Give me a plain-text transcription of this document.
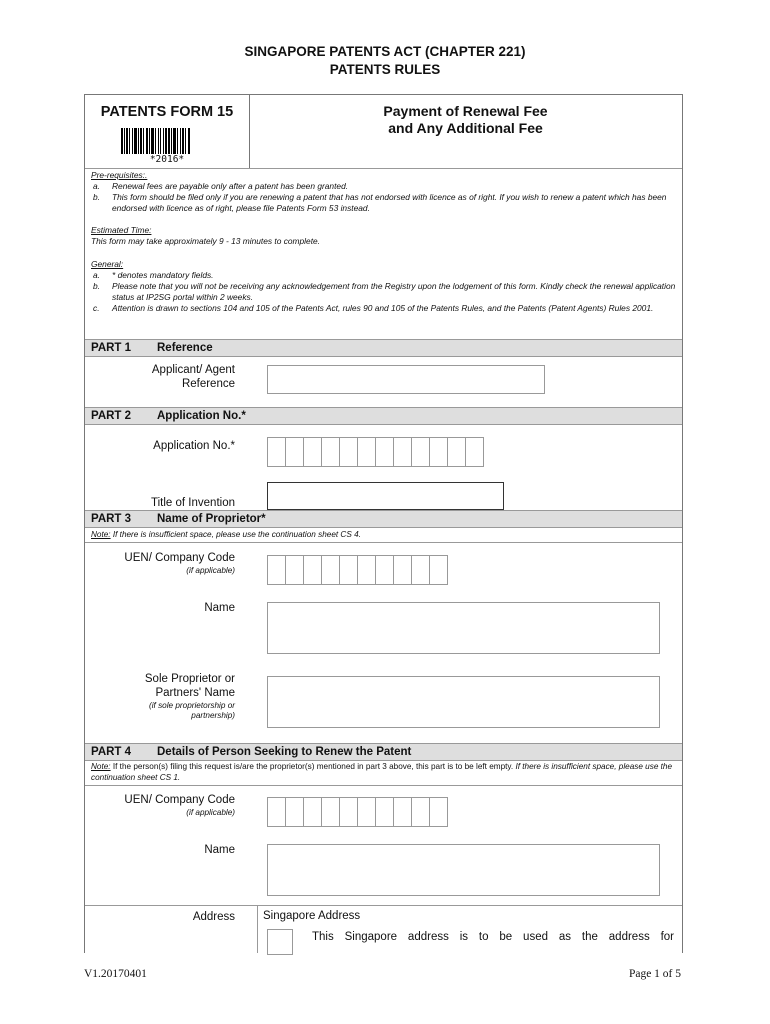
SINGAPORE PATENTS ACT (CHAPTER 221)
PATENTS RULES
PATENTS FORM 15
*2016*
Payment of Renewal Fee
and Any Additional Fee
Pre-requisites:.
a. Renewal fees are payable only after a patent has been granted.
b. This form should be filed only if you are renewing a patent that has not endorsed with licence as of right. If you wish to renew a patent which has been endorsed with licence as of right, please file Patents Form 53 instead.
Estimated Time:
This form may take approximately 9 - 13 minutes to complete.
General:
a. * denotes mandatory fields.
b. Please note that you will not be receiving any acknowledgement from the Registry upon the lodgement of this form. Kindly check the renewal application status at IP2SG portal within 2 weeks.
c. Attention is drawn to sections 104 and 105 of the Patents Act, rules 90 and 105 of the Patents Rules, and the Patents (Patent Agents) Rules 2001.
PART 1 Reference
Applicant/ Agent
Reference
PART 2 Application No.*
Application No.*
Title of Invention
PART 3 Name of Proprietor*
Note: If there is insufficient space, please use the continuation sheet CS 4.
UEN/ Company Code
(if applicable)
Name
Sole Proprietor or
Partners' Name
(if sole proprietorship or
partnership)
PART 4 Details of Person Seeking to Renew the Patent
Note: If the person(s) filing this request is/are the proprietor(s) mentioned in part 3 above, this part is to be left empty. If there is insufficient space, please use the continuation sheet CS 1.
UEN/ Company Code
(if applicable)
Name
Address Singapore Address
This Singapore address is to be used as the address for
V1.20170401	Page 1 of 5
